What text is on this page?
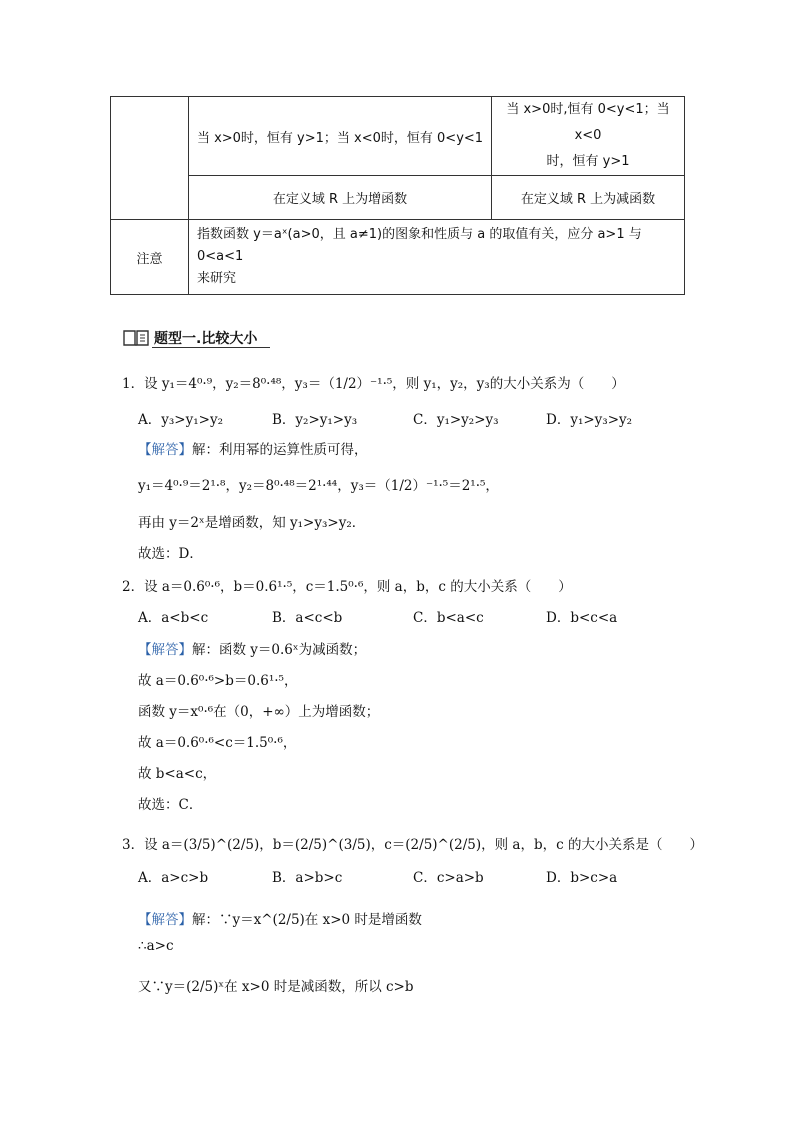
	当 x>0时，恒有 y>1；当 x<0时，恒有 0<y<1	当 x>0时,恒有 0<y<1；当 x<0
时，恒有 y>1
	在定义域 R 上为增函数	在定义域 R 上为减函数
注意	指数函数 y＝aˣ(a>0，且 a≠1)的图象和性质与 a 的取值有关，应分 a>1 与 0<a<1
来研究	
题型一.比较大小
1．设 y₁＝4⁰·⁹，y₂＝8⁰·⁴⁸，y₃＝（1/2）⁻¹·⁵，则 y₁，y₂，y₃的大小关系为（　　）
A．y₃>y₁>y₂	B．y₂>y₁>y₃	C．y₁>y₂>y₃	D．y₁>y₃>y₂
【解答】解：利用幂的运算性质可得，
y₁＝4⁰·⁹＝2¹·⁸，y₂＝8⁰·⁴⁸＝2¹·⁴⁴，y₃＝（1/2）⁻¹·⁵＝2¹·⁵，
再由 y＝2ˣ是增函数，知 y₁>y₃>y₂．
故选：D．
2．设 a＝0.6⁰·⁶，b＝0.6¹·⁵，c＝1.5⁰·⁶，则 a，b，c 的大小关系（　　）
A．a<b<c	B．a<c<b	C．b<a<c	D．b<c<a
【解答】解：函数 y＝0.6ˣ为减函数；
故 a＝0.6⁰·⁶>b＝0.6¹·⁵，
函数 y＝x⁰·⁶在（0，+∞）上为增函数；
故 a＝0.6⁰·⁶<c＝1.5⁰·⁶，
故 b<a<c，
故选：C．
3．设 a＝(3/5)^(2/5)，b＝(2/5)^(3/5)，c＝(2/5)^(2/5)，则 a，b，c 的大小关系是（　　）
A．a>c>b	B．a>b>c	C．c>a>b	D．b>c>a
【解答】解：∵y＝x^(2/5)在 x>0 时是增函数
∴a>c
又∵y＝(2/5)ˣ在 x>0 时是减函数，所以 c>b
